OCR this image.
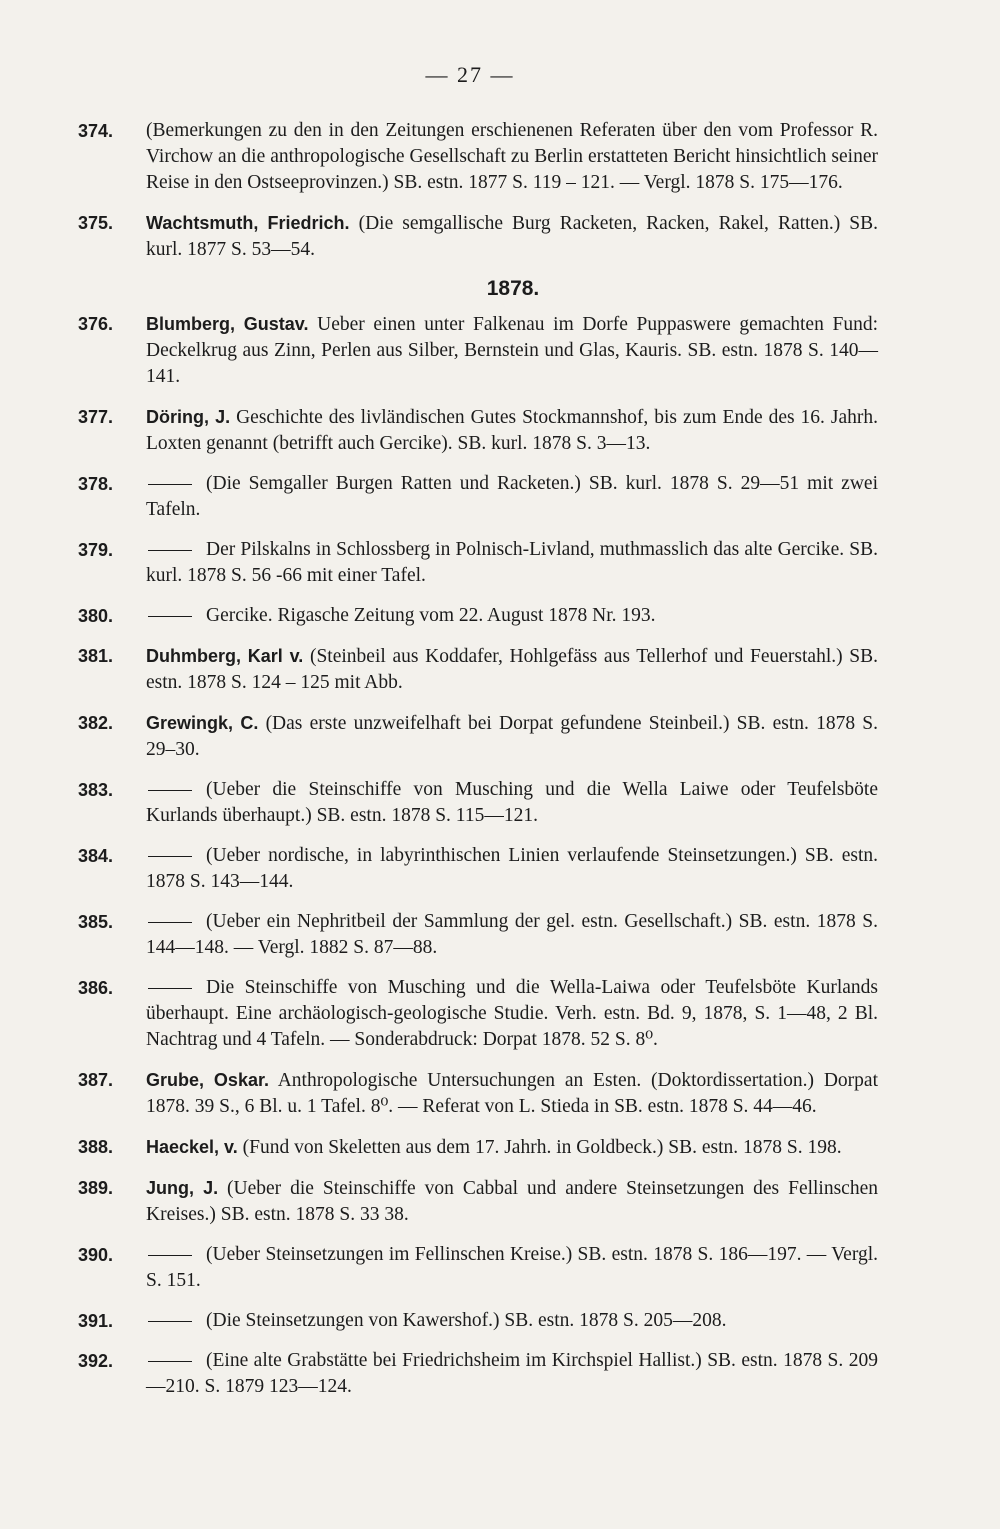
— 27 —
374.	(Bemerkungen zu den in den Zeitungen erschienenen Referaten über den vom Professor R. Virchow an die anthropologische Gesellschaft zu Berlin erstatteten Bericht hinsichtlich seiner Reise in den Ostseeprovinzen.) SB. estn. 1877 S. 119 – 121. — Vergl. 1878 S. 175—176.
375.	Wachtsmuth, Friedrich. (Die semgallische Burg Racketen, Racken, Rakel, Ratten.) SB. kurl. 1877 S. 53—54.
1878.
376.	Blumberg, Gustav. Ueber einen unter Falkenau im Dorfe Puppaswere gemachten Fund: Deckelkrug aus Zinn, Perlen aus Silber, Bernstein und Glas, Kauris. SB. estn. 1878 S. 140—141.
377.	Döring, J. Geschichte des livländischen Gutes Stockmannshof, bis zum Ende des 16. Jahrh. Loxten genannt (betrifft auch Gercike). SB. kurl. 1878 S. 3—13.
378.	(Die Semgaller Burgen Ratten und Racketen.) SB. kurl. 1878 S. 29—51 mit zwei Tafeln.
379.	Der Pilskalns in Schlossberg in Polnisch-Livland, muthmasslich das alte Gercike. SB. kurl. 1878 S. 56 -66 mit einer Tafel.
380.	Gercike. Rigasche Zeitung vom 22. August 1878 Nr. 193.
381.	Duhmberg, Karl v. (Steinbeil aus Koddafer, Hohlgefäss aus Tellerhof und Feuerstahl.) SB. estn. 1878 S. 124 – 125 mit Abb.
382.	Grewingk, C. (Das erste unzweifelhaft bei Dorpat gefundene Steinbeil.) SB. estn. 1878 S. 29–30.
383.	(Ueber die Steinschiffe von Musching und die Wella Laiwe oder Teufelsböte Kurlands überhaupt.) SB. estn. 1878 S. 115—121.
384.	(Ueber nordische, in labyrinthischen Linien verlaufende Steinsetzungen.) SB. estn. 1878 S. 143—144.
385.	(Ueber ein Nephritbeil der Sammlung der gel. estn. Gesellschaft.) SB. estn. 1878 S. 144—148. — Vergl. 1882 S. 87—88.
386.	Die Steinschiffe von Musching und die Wella-Laiwa oder Teufelsböte Kurlands überhaupt. Eine archäologisch-geologische Studie. Verh. estn. Bd. 9, 1878, S. 1—48, 2 Bl. Nachtrag und 4 Tafeln. — Sonderabdruck: Dorpat 1878. 52 S. 8⁰.
387.	Grube, Oskar. Anthropologische Untersuchungen an Esten. (Doktordissertation.) Dorpat 1878. 39 S., 6 Bl. u. 1 Tafel. 8⁰. — Referat von L. Stieda in SB. estn. 1878 S. 44—46.
388.	Haeckel, v. (Fund von Skeletten aus dem 17. Jahrh. in Goldbeck.) SB. estn. 1878 S. 198.
389.	Jung, J. (Ueber die Steinschiffe von Cabbal und andere Steinsetzungen des Fellinschen Kreises.) SB. estn. 1878 S. 33 38.
390.	(Ueber Steinsetzungen im Fellinschen Kreise.) SB. estn. 1878 S. 186—197. — Vergl. S. 151.
391.	(Die Steinsetzungen von Kawershof.) SB. estn. 1878 S. 205—208.
392.	(Eine alte Grabstätte bei Friedrichsheim im Kirchspiel Hallist.) SB. estn. 1878 S. 209—210. S. 1879 123—124.
